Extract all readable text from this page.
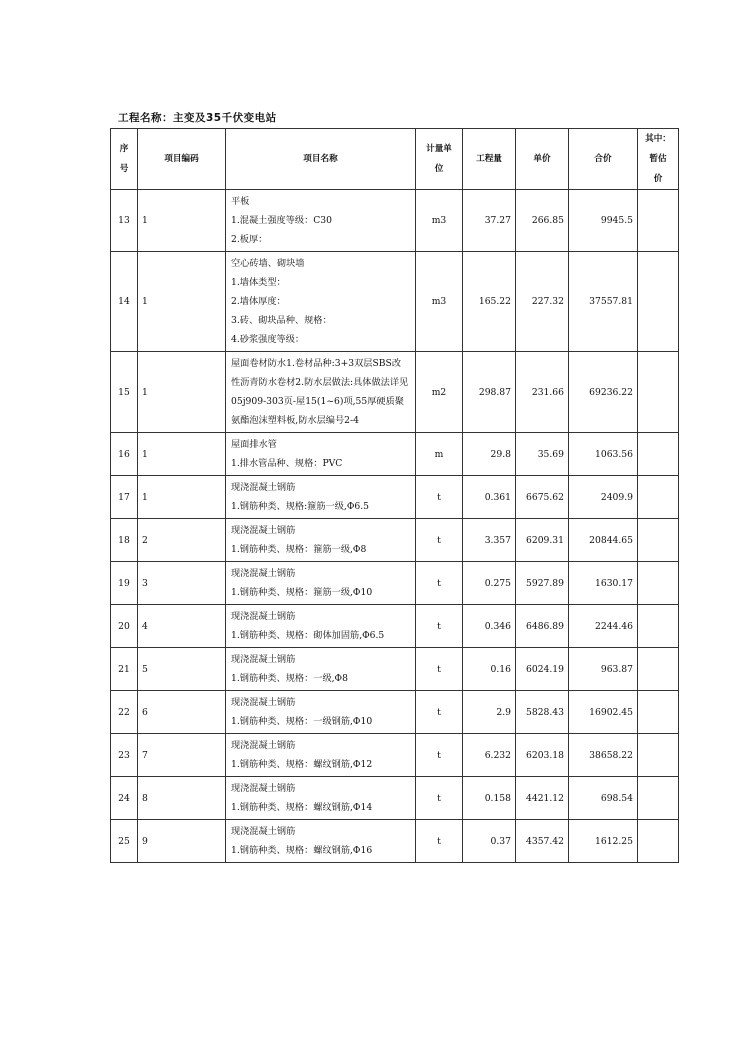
工程名称：主变及35千伏变电站
序
号	项目编码	项目名称	计量单
位	工程量	单价	合价	其中：
暂估
价

13	1	平板
1.混凝土强度等级：C30
2.板厚：	m3	37.27	266.85	9945.5	
14	1	空心砖墙、砌块墙
1.墙体类型：
2.墙体厚度：
3.砖、砌块品种、规格：
4.砂浆强度等级：	m3	165.22	227.32	37557.81	
15	1	屋面卷材防水1.卷材品种:3+3双层SBS改性沥青防水卷材2.防水层做法:具体做法详见05j909-303页-屋15(1~6)项,55厚硬质聚氨酯泡沫塑料板,防水层编号2-4	m2	298.87	231.66	69236.22	
16	1	屋面排水管
1.排水管品种、规格：PVC	m	29.8	35.69	1063.56	
17	1	现浇混凝土钢筋
1.钢筋种类、规格:箍筋一级,Φ6.5	t	0.361	6675.62	2409.9	
18	2	现浇混凝土钢筋
1.钢筋种类、规格：箍筋一级,Φ8	t	3.357	6209.31	20844.65	
19	3	现浇混凝土钢筋
1.钢筋种类、规格：箍筋一级,Φ10	t	0.275	5927.89	1630.17	
20	4	现浇混凝土钢筋
1.钢筋种类、规格：砌体加固筋,Φ6.5	t	0.346	6486.89	2244.46	
21	5	现浇混凝土钢筋
1.钢筋种类、规格：一级,Φ8	t	0.16	6024.19	963.87	
22	6	现浇混凝土钢筋
1.钢筋种类、规格：一级钢筋,Φ10	t	2.9	5828.43	16902.45	
23	7	现浇混凝土钢筋
1.钢筋种类、规格：螺纹钢筋,Φ12	t	6.232	6203.18	38658.22	
24	8	现浇混凝土钢筋
1.钢筋种类、规格：螺纹钢筋,Φ14	t	0.158	4421.12	698.54	
25	9	现浇混凝土钢筋
1.钢筋种类、规格：螺纹钢筋,Φ16	t	0.37	4357.42	1612.25	
